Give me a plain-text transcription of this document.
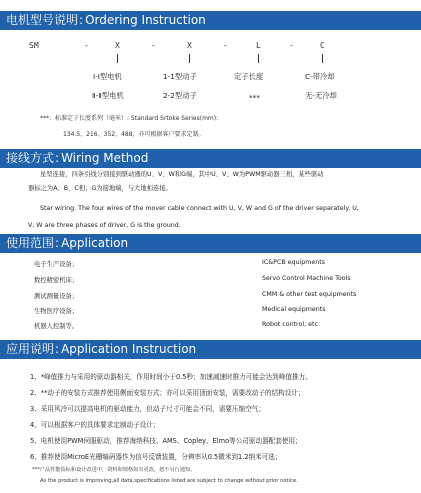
电机型号说明: Ordering Instruction
SM	-	X	-	X	-	L	-	C
Ⅰ-Ⅰ型电机	1-1型动子	定子长度	C-带冷却
Ⅱ-Ⅱ型电机	2-2型动子	***	无-无冷却
***：标准定子长度系列（毫米）: Standard Srtoke Series(mm):
134.5、216、352、488，亦可根据客户要求定制。
接线方式: Wiring Method
星型连接，四条引线分别接到驱动器的U、V、W和G端，其中U、V、W为PWM驱动器三相，某些驱动
器标之为A、B、C相；G为接地端，与大地相连接。
Star wiring. The four wires of the mover cable connect with U, V, W and G of the driver separately. U,
V, W are three phases of driver, G is the ground.
使用范围: Application
电子生产设备；	IC&PCB equipments
数控精密机床；	Servo Control Machine Tools
测试测量设备；	CMM & other test equipments
生物医疗设备；	Medical equipments
机器人控制等。	Robot control, etc.
应用说明: Application Instruction
1、*峰值推力与采用的驱动器相关，作用时间小于0.5秒；加速减速时推力可能会达到峰值推力。
2、**动子的安装方式推荐使用侧面安装方式；亦可以采用顶面安装，需要改动子的结构设计；
3、采用风冷可以提高电机的驱动能力，但动子尺寸可能会不同，需要压缩空气；
4、可以根据客户的具体要求定制动子设计；
5、电机使用PWM伺服驱动，推荐海纳科技、AMS、Copley、Elmo等公司驱动器配套使用；
6、推荐使用MicroE光栅编码器作为信号反馈装置，分辨率从0.5微米到1.2纳米可选；
***产品性能指标和设计改进中，资料和规格如有更改，恕不另行通知。
As the product is improving,all data,specifications listed are subject to change without prior notice.
